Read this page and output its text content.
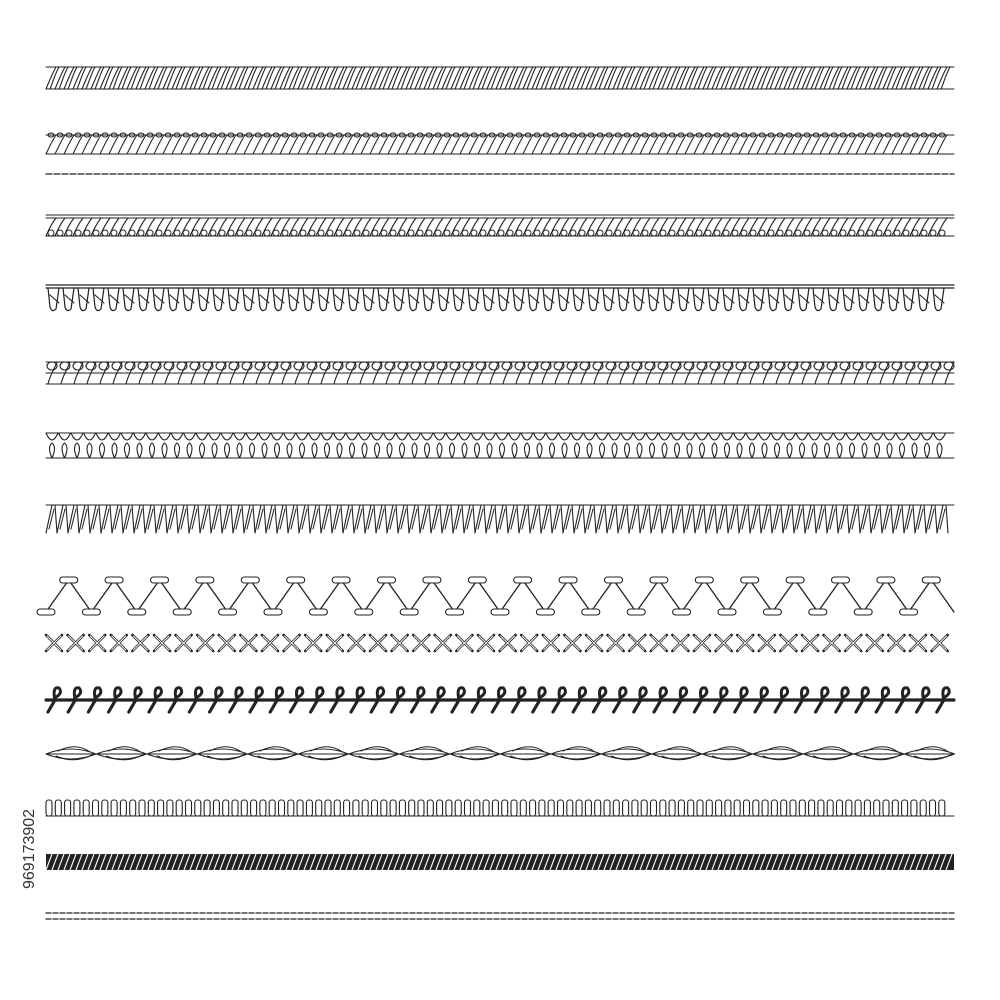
969173902
